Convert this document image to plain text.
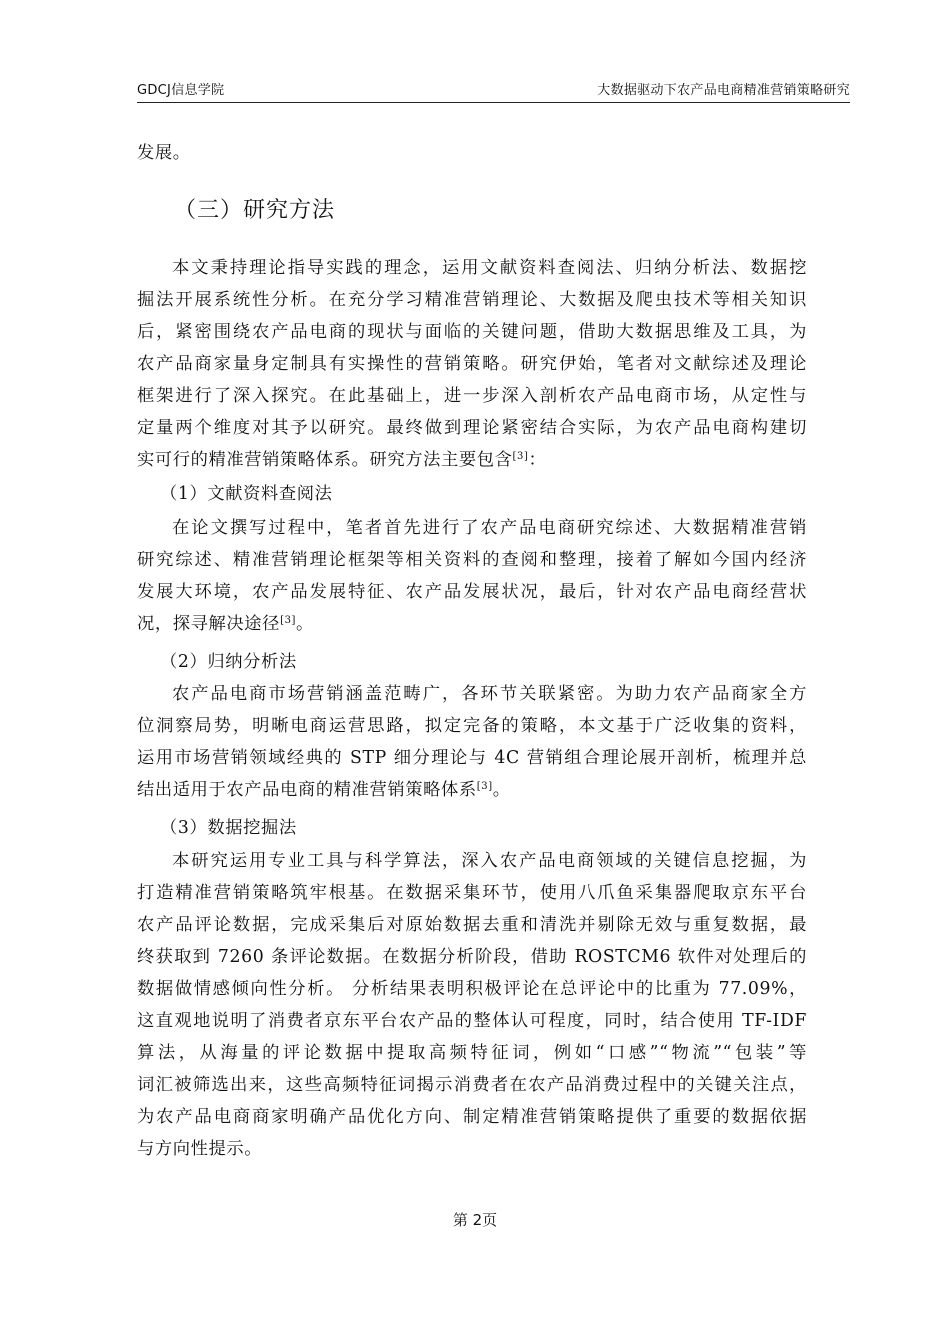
GDCJ信息学院	大数据驱动下农产品电商精准营销策略研究
发展。
（三）研究方法
本文秉持理论指导实践的理念，运用文献资料查阅法、归纳分析法、数据挖
掘法开展系统性分析。在充分学习精准营销理论、大数据及爬虫技术等相关知识
后，紧密围绕农产品电商的现状与面临的关键问题，借助大数据思维及工具，为
农产品商家量身定制具有实操性的营销策略。研究伊始，笔者对文献综述及理论
框架进行了深入探究。在此基础上，进一步深入剖析农产品电商市场，从定性与
定量两个维度对其予以研究。最终做到理论紧密结合实际，为农产品电商构建切
实可行的精准营销策略体系。研究方法主要包含[3]：
（1）文献资料查阅法
在论文撰写过程中，笔者首先进行了农产品电商研究综述、大数据精准营销
研究综述、精准营销理论框架等相关资料的查阅和整理，接着了解如今国内经济
发展大环境，农产品发展特征、农产品发展状况，最后，针对农产品电商经营状
况，探寻解决途径[3]。
（2）归纳分析法
农产品电商市场营销涵盖范畴广，各环节关联紧密。为助力农产品商家全方
位洞察局势，明晰电商运营思路，拟定完备的策略，本文基于广泛收集的资料，
运用市场营销领域经典的 STP 细分理论与 4C 营销组合理论展开剖析，梳理并总
结出适用于农产品电商的精准营销策略体系[3]。
（3）数据挖掘法
本研究运用专业工具与科学算法，深入农产品电商领域的关键信息挖掘，为
打造精准营销策略筑牢根基。在数据采集环节，使用八爪鱼采集器爬取京东平台
农产品评论数据，完成采集后对原始数据去重和清洗并剔除无效与重复数据，最
终获取到 7260 条评论数据。在数据分析阶段，借助 ROSTCM6 软件对处理后的
数据做情感倾向性分析。 分析结果表明积极评论在总评论中的比重为 77.09%，
这直观地说明了消费者京东平台农产品的整体认可程度，同时，结合使用 TF-IDF
算法，从海量的评论数据中提取高频特征词，例如“口感”“物流”“包装”等
词汇被筛选出来，这些高频特征词揭示消费者在农产品消费过程中的关键关注点，
为农产品电商商家明确产品优化方向、制定精准营销策略提供了重要的数据依据
与方向性提示。
第 2页
